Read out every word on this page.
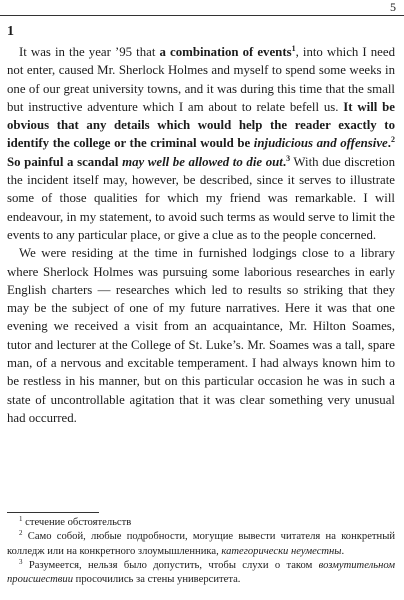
5
1

It was in the year ’95 that a combination of events$^1$, into which I need not enter, caused Mr. Sherlock Holmes and myself to spend some weeks in one of our great university towns, and it was during this time that the small but instructive adventure which I am about to relate befell us. It will be obvious that any details which would help the reader exactly to identify the college or the criminal would be injudicious and offensive.$^2$ So painful a scandal may well be allowed to die out.$^3$ With due discretion the incident itself may, however, be described, since it serves to illustrate some of those qualities for which my friend was remarkable. I will endeavour, in my statement, to avoid such terms as would serve to limit the events to any particular place, or give a clue as to the people concerned.

We were residing at the time in furnished lodgings close to a library where Sherlock Holmes was pursuing some laborious researches in early English charters — researches which led to results so striking that they may be the subject of one of my future narratives. Here it was that one evening we received a visit from an acquaintance, Mr. Hilton Soames, tutor and lecturer at the College of St. Luke’s. Mr. Soames was a tall, spare man, of a nervous and excitable temperament. I had always known him to be restless in his manner, but on this particular occasion he was in such a state of uncontrollable agitation that it was clear something very unusual had occurred.

$^1$ стечение обстоятельств

$^2$ Само собой, любые подробности, могущие вывести читателя на конкретный колледж или на конкретного злоумышленника, категорически неуместны.

$^3$ Разумеется, нельзя было допустить, чтобы слухи о таком возмутительном происшествии просочились за стены университета.
